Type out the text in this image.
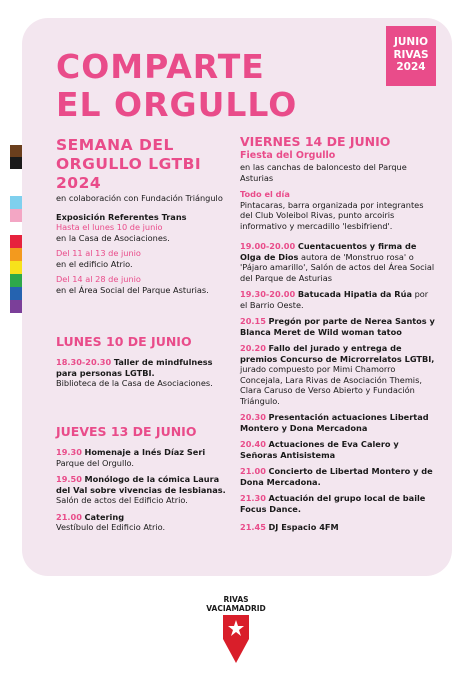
JUNIO
RIVAS
2024
COMPARTE
EL ORGULLO
SEMANA DEL
ORGULLO LGTBI
2024
en colaboración con Fundación Triángulo
Exposición Referentes Trans
Hasta el lunes 10 de junio
en la Casa de Asociaciones.
Del 11 al 13 de junio
en el edificio Atrio.
Del 14 al 28 de junio
en el Área Social del Parque Asturias.
LUNES 10 DE JUNIO
18.30-20.30 Taller de mindfulness para personas LGTBI.
Biblioteca de la Casa de Asociaciones.
JUEVES 13 DE JUNIO
19.30 Homenaje a Inés Díaz Seri
Parque del Orgullo.
19.50 Monólogo de la cómica Laura del Val sobre vivencias de lesbianas.
Salón de actos del Edificio Atrio.
21.00 Catering
Vestíbulo del Edificio Atrio.
VIERNES 14 DE JUNIO
Fiesta del Orgullo
en las canchas de baloncesto del Parque Asturias
Todo el día
Pintacaras, barra organizada por integrantes del Club Voleibol Rivas, punto arcoiris informativo y mercadillo 'lesbifriend'.
19.00-20.00 Cuentacuentos y firma de Olga de Dios autora de 'Monstruo rosa' o 'Pájaro amarillo', Salón de actos del Área Social del Parque de Asturias
19.30-20.00 Batucada Hipatia da Rúa por el Barrio Oeste.
20.15 Pregón por parte de Nerea Santos y Blanca Meret de Wild woman tatoo
20.20 Fallo del jurado y entrega de premios Concurso de Microrrelatos LGTBI, jurado compuesto por Mimi Chamorro Concejala, Lara Rivas de Asociación Themis, Clara Caruso de Verso Abierto y Fundación Triángulo.
20.30 Presentación actuaciones Libertad Montero y Dona Mercadona
20.40 Actuaciones de Eva Calero y Señoras Antisistema
21.00 Concierto de Libertad Montero y de Dona Mercadona.
21.30 Actuación del grupo local de baile Focus Dance.
21.45 DJ Espacio 4FM
RIVAS
VACIAMADRID
